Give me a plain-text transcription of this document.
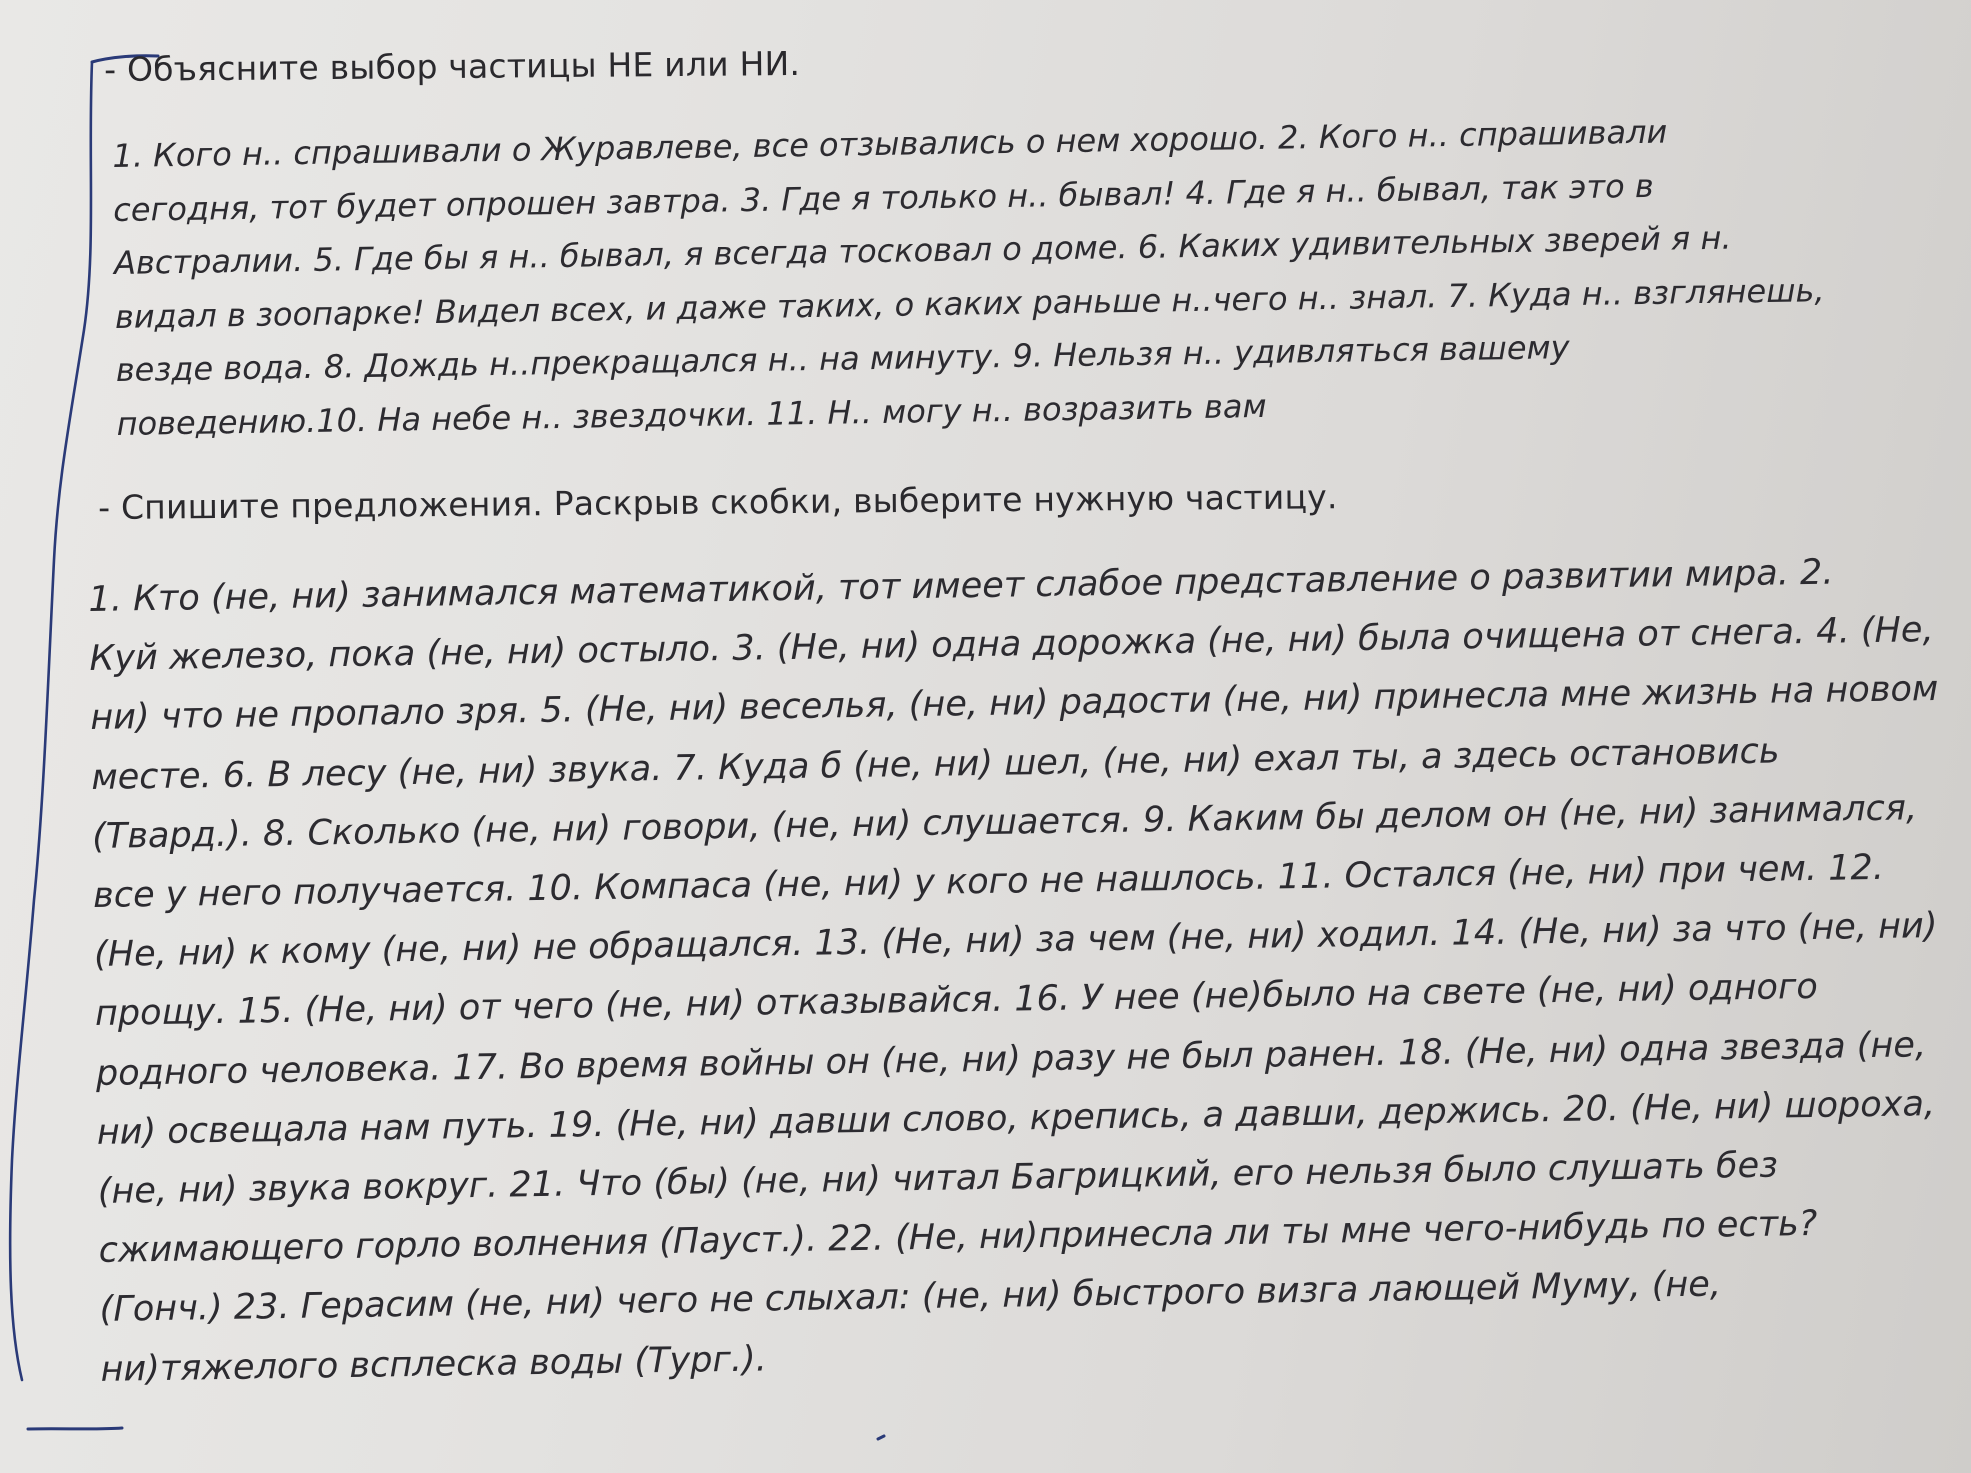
- Объясните выбор частицы НЕ или НИ.
1. Кого н.. спрашивали о Журавлеве, все отзывались о нем хорошо. 2. Кого н.. спрашивали
сегодня, тот будет опрошен завтра. 3. Где я только н.. бывал! 4. Где я н.. бывал, так это в
Австралии. 5. Где бы я н.. бывал, я всегда тосковал о доме. 6. Каких удивительных зверей я н.
видал в зоопарке! Видел всех, и даже таких, о каких раньше н..чего н.. знал. 7. Куда н.. взглянешь,
везде вода. 8. Дождь н..прекращался н.. на минуту. 9. Нельзя н.. удивляться вашему
поведению.10. На небе н.. звездочки. 11. Н.. могу н.. возразить вам
- Спишите предложения. Раскрыв скобки, выберите нужную частицу.
1. Кто (не, ни) занимался математикой, тот имеет слабое представление о развитии мира. 2.
Куй железо, пока (не, ни) остыло. 3. (Не, ни) одна дорожка (не, ни) была очищена от снега. 4. (Не,
ни) что не пропало зря. 5. (Не, ни) веселья, (не, ни) радости (не, ни) принесла мне жизнь на новом
месте. 6. В лесу (не, ни) звука. 7. Куда б (не, ни) шел, (не, ни) ехал ты, а здесь остановись
(Твард.). 8. Сколько (не, ни) говори, (не, ни) слушается. 9. Каким бы делом он (не, ни) занимался,
все у него получается. 10. Компаса (не, ни) у кого не нашлось. 11. Остался (не, ни) при чем. 12.
(Не, ни) к кому (не, ни) не обращался. 13. (Не, ни) за чем (не, ни) ходил. 14. (Не, ни) за что (не, ни)
прощу. 15. (Не, ни) от чего (не, ни) отказывайся. 16. У нее (не)было на свете (не, ни) одного
родного человека. 17. Во время войны он (не, ни) разу не был ранен. 18. (Не, ни) одна звезда (не,
ни) освещала нам путь. 19. (Не, ни) давши слово, крепись, а давши, держись. 20. (Не, ни) шороха,
(не, ни) звука вокруг. 21. Что (бы) (не, ни) читал Багрицкий, его нельзя было слушать без
сжимающего горло волнения (Пауст.). 22. (Не, ни)принесла ли ты мне чего-нибудь по есть?
(Гонч.) 23. Герасим (не, ни) чего не слыхал: (не, ни) быстрого визга лающей Муму, (не,
ни)тяжелого всплеска воды (Тург.).
